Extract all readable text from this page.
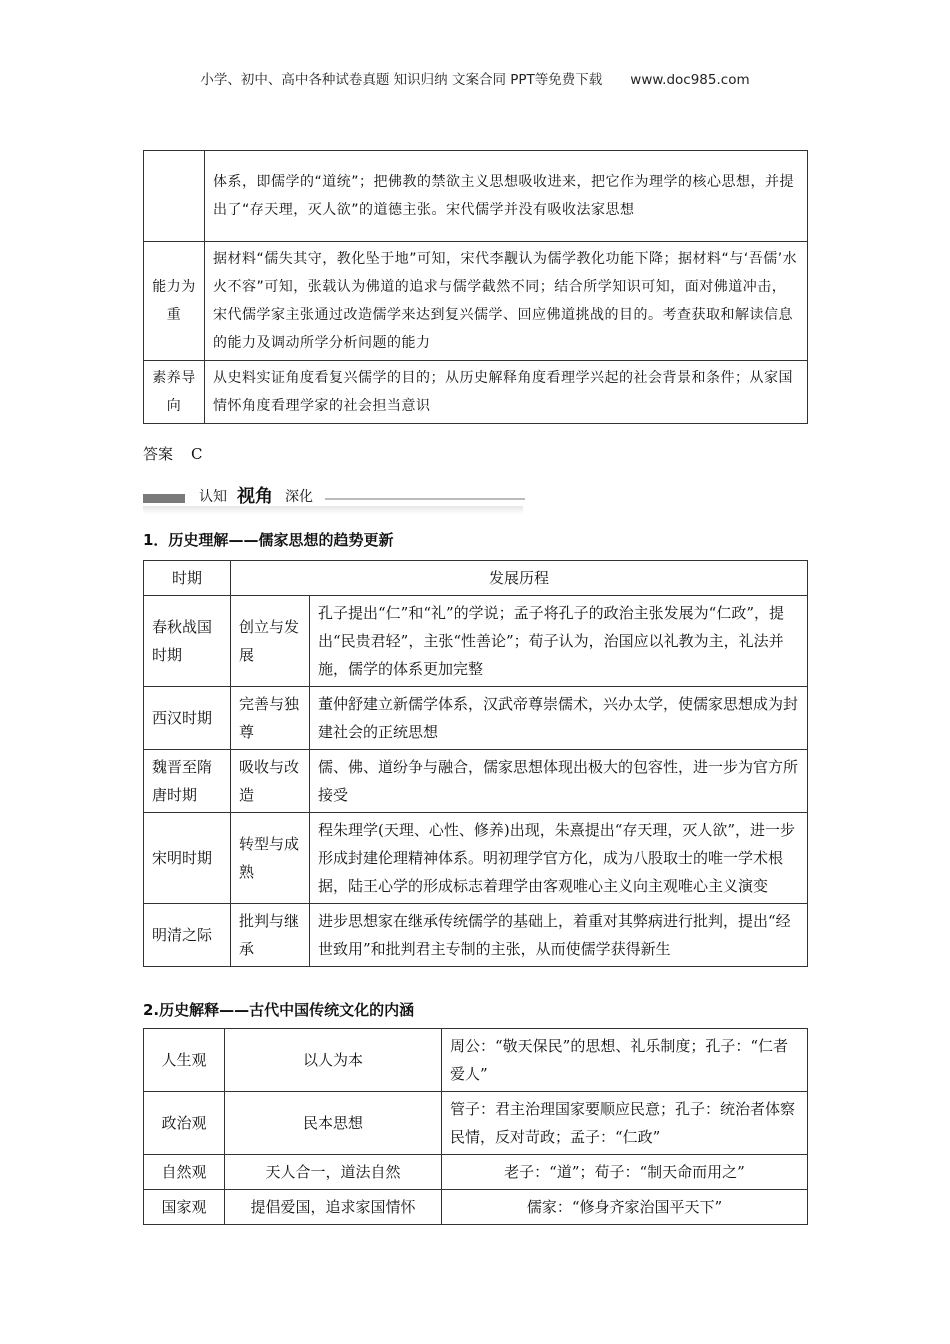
小学、初中、高中各种试卷真题 知识归纳 文案合同 PPT等免费下载 www.doc985.com
	体系，即儒学的“道统”；把佛教的禁欲主义思想吸收进来，把它作为理学的核心思想，并提出了“存天理，灭人欲”的道德主张。宋代儒学并没有吸收法家思想
能力为重	据材料“儒失其守，教化坠于地”可知，宋代李觏认为儒学教化功能下降；据材料“与‘吾儒’水火不容”可知，张载认为佛道的追求与儒学截然不同；结合所学知识可知，面对佛道冲击，宋代儒学家主张通过改造儒学来达到复兴儒学、回应佛道挑战的目的。考查获取和解读信息的能力及调动所学分析问题的能力
素养导向	从史料实证角度看复兴儒学的目的；从历史解释角度看理学兴起的社会背景和条件；从家国情怀角度看理学家的社会担当意识
答案 C
认知 视角 深化
1．历史理解——儒家思想的趋势更新
时期	发展历程	
春秋战国时期	创立与发展	孔子提出“仁”和“礼”的学说；孟子将孔子的政治主张发展为“仁政”，提出“民贵君轻”，主张“性善论”；荀子认为，治国应以礼教为主，礼法并施，儒学的体系更加完整
西汉时期	完善与独尊	董仲舒建立新儒学体系，汉武帝尊崇儒术，兴办太学，使儒家思想成为封建社会的正统思想
魏晋至隋唐时期	吸收与改造	儒、佛、道纷争与融合，儒家思想体现出极大的包容性，进一步为官方所接受
宋明时期	转型与成熟	程朱理学(天理、心性、修养)出现，朱熹提出“存天理，灭人欲”，进一步形成封建伦理精神体系。明初理学官方化，成为八股取士的唯一学术根据，陆王心学的形成标志着理学由客观唯心主义向主观唯心主义演变
明清之际	批判与继承	进步思想家在继承传统儒学的基础上，着重对其弊病进行批判，提出“经世致用”和批判君主专制的主张，从而使儒学获得新生
2.历史解释——古代中国传统文化的内涵
人生观	以人为本	周公：“敬天保民”的思想、礼乐制度；孔子：“仁者爱人”
政治观	民本思想	管子：君主治理国家要顺应民意；孔子：统治者体察民情，反对苛政；孟子：“仁政”
自然观	天人合一，道法自然	老子：“道”；荀子：“制天命而用之”
国家观	提倡爱国，追求家国情怀	儒家：“修身齐家治国平天下”
